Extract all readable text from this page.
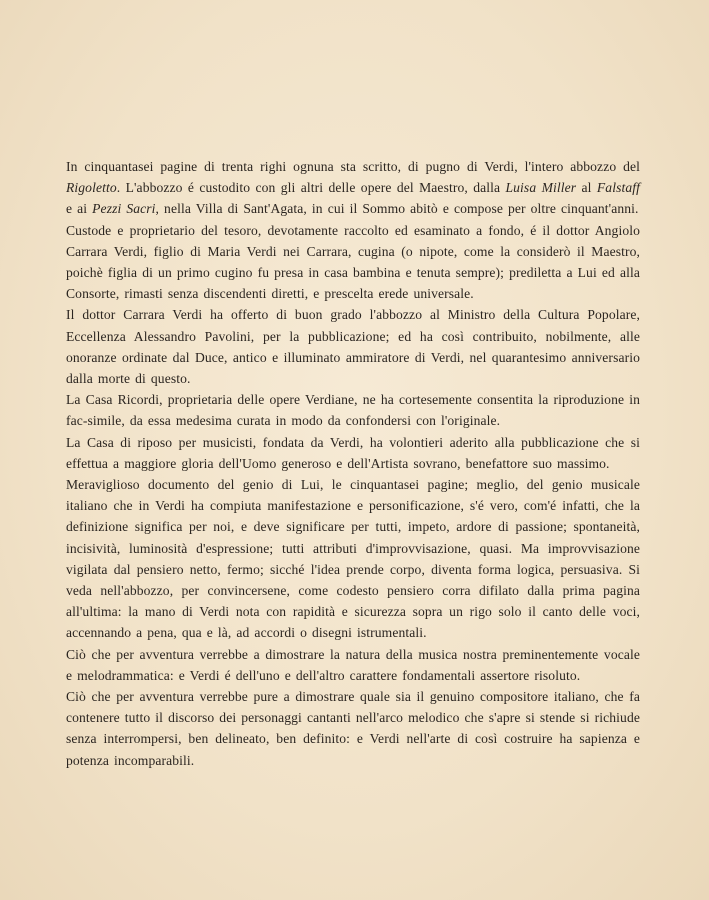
In cinquantasei pagine di trenta righi ognuna sta scritto, di pugno di Verdi, l'intero abbozzo del Rigoletto. L'abbozzo é custodito con gli altri delle opere del Maestro, dalla Luisa Miller al Falstaff e ai Pezzi Sacri, nella Villa di Sant'Agata, in cui il Sommo abitò e compose per oltre cinquant'anni.

Custode e proprietario del tesoro, devotamente raccolto ed esaminato a fondo, é il dottor Angiolo Carrara Verdi, figlio di Maria Verdi nei Carrara, cugina (o nipote, come la considerò il Maestro, poichè figlia di un primo cugino fu presa in casa bambina e tenuta sempre); prediletta a Lui ed alla Consorte, rimasti senza discendenti diretti, e prescelta erede universale.

Il dottor Carrara Verdi ha offerto di buon grado l'abbozzo al Ministro della Cultura Popolare, Eccellenza Alessandro Pavolini, per la pubblicazione; ed ha così contribuito, nobilmente, alle onoranze ordinate dal Duce, antico e illuminato ammiratore di Verdi, nel quarantesimo anniversario dalla morte di questo.

La Casa Ricordi, proprietaria delle opere Verdiane, ne ha cortesemente consentita la riproduzione in fac-simile, da essa medesima curata in modo da confondersi con l'originale.

La Casa di riposo per musicisti, fondata da Verdi, ha volontieri aderito alla pubblicazione che si effettua a maggiore gloria dell'Uomo generoso e dell'Artista sovrano, benefattore suo massimo.

Meraviglioso documento del genio di Lui, le cinquantasei pagine; meglio, del genio musicale italiano che in Verdi ha compiuta manifestazione e personificazione, s'é vero, com'é infatti, che la definizione significa per noi, e deve significare per tutti, impeto, ardore di passione; spontaneità, incisività, luminosità d'espressione; tutti attributi d'improvvisazione, quasi. Ma improvvisazione vigilata dal pensiero netto, fermo; sicché l'idea prende corpo, diventa forma logica, persuasiva. Si veda nell'abbozzo, per convincersene, come codesto pensiero corra difilato dalla prima pagina all'ultima: la mano di Verdi nota con rapidità e sicurezza sopra un rigo solo il canto delle voci, accennando a pena, qua e là, ad accordi o disegni istrumentali.

Ciò che per avventura verrebbe a dimostrare la natura della musica nostra preminentemente vocale e melodrammatica: e Verdi é dell'uno e dell'altro carattere fondamentali assertore risoluto.

Ciò che per avventura verrebbe pure a dimostrare quale sia il genuino compositore italiano, che fa contenere tutto il discorso dei personaggi cantanti nell'arco melodico che s'apre si stende si richiude senza interrompersi, ben delineato, ben definito: e Verdi nell'arte di così costruire ha sapienza e potenza incomparabili.
